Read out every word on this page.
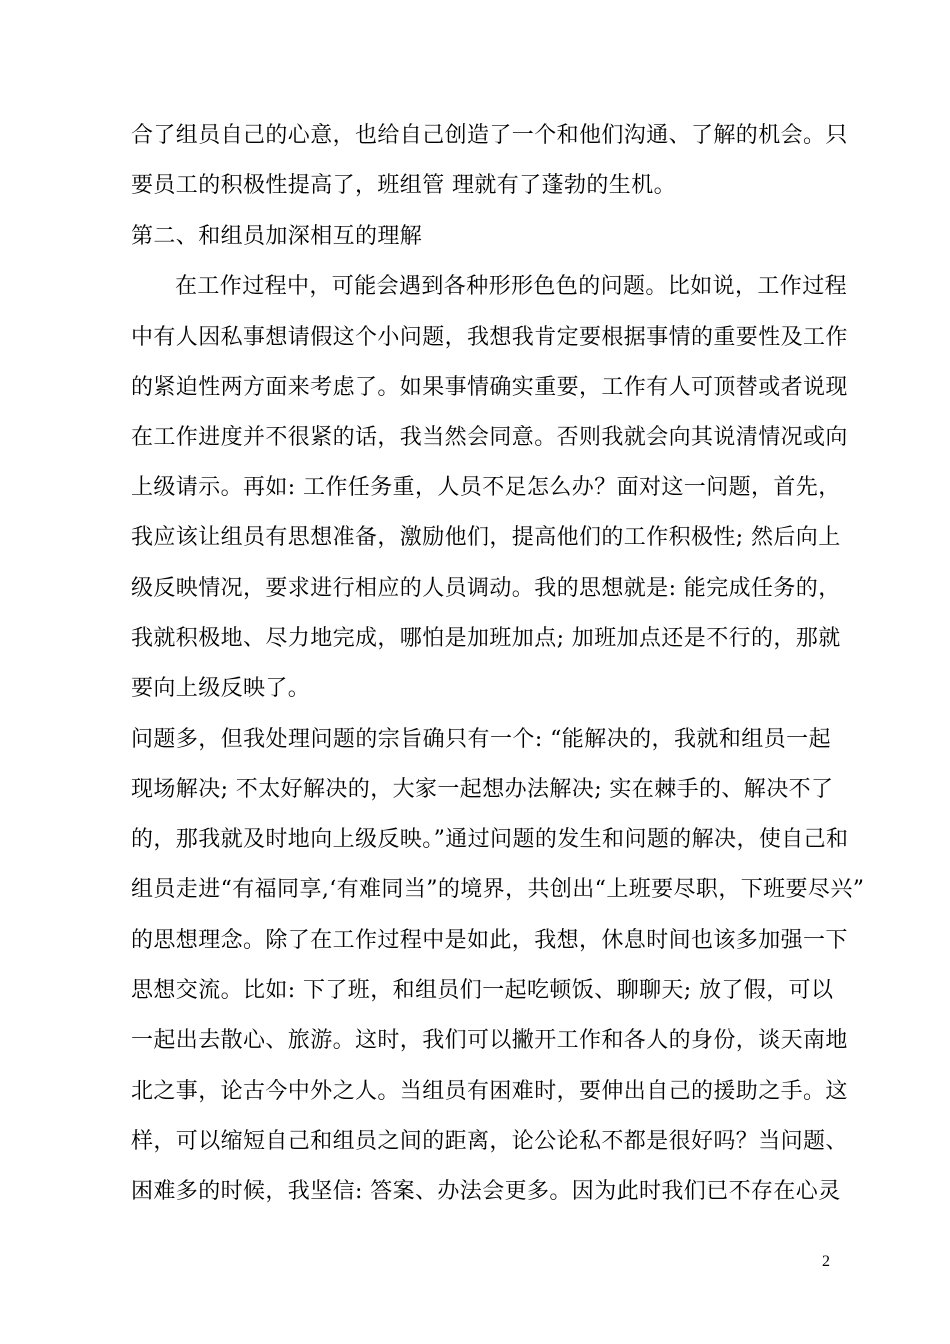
合了组员自己的心意，也给自己创造了一个和他们沟通、了解的机会。只
要员工的积极性提高了，班组管 理就有了蓬勃的生机。
第二、和组员加深相互的理解
在工作过程中，可能会遇到各种形形色色的问题。比如说，工作过程
中有人因私事想请假这个小问题，我想我肯定要根据事情的重要性及工作
的紧迫性两方面来考虑了。如果事情确实重要，工作有人可顶替或者说现
在工作进度并不很紧的话，我当然会同意。否则我就会向其说清情况或向
上级请示。再如: 工作任务重，人员不足怎么办？面对这一问题，首先，
我应该让组员有思想准备，激励他们，提高他们的工作积极性; 然后向上
级反映情况，要求进行相应的人员调动。我的思想就是: 能完成任务的，
我就积极地、尽力地完成，哪怕是加班加点; 加班加点还是不行的，那就
要向上级反映了。
问题多，但我处理问题的宗旨确只有一个: “能解决的，我就和组员一起
现场解决; 不太好解决的，大家一起想办法解决; 实在棘手的、解决不了
的，那我就及时地向上级反映。”通过问题的发生和问题的解决，使自己和
组员走进“有福同享,‘有难同当”的境界，共创出“上班要尽职，下班要尽兴”
的思想理念。除了在工作过程中是如此，我想，休息时间也该多加强一下
思想交流。比如: 下了班，和组员们一起吃顿饭、聊聊天; 放了假，可以
一起出去散心、旅游。这时，我们可以撇开工作和各人的身份，谈天南地
北之事，论古今中外之人。当组员有困难时，要伸出自己的援助之手。这
样，可以缩短自己和组员之间的距离，论公论私不都是很好吗？当问题、
困难多的时候，我坚信: 答案、办法会更多。因为此时我们已不存在心灵
2
